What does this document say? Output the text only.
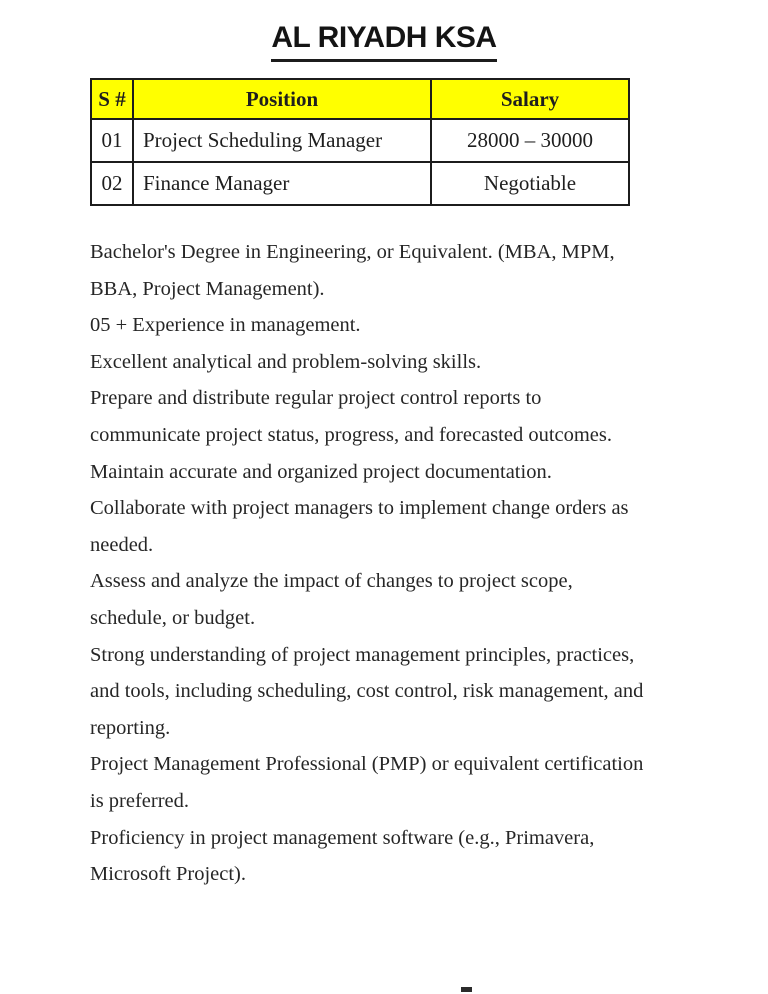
AL RIYADH KSA
S #	Position	Salary
01	Project Scheduling Manager	28000 – 30000
02	Finance Manager	Negotiable

Bachelor's Degree in Engineering, or Equivalent. (MBA, MPM,
BBA, Project Management).

05 + Experience in management.

Excellent analytical and problem-solving skills.

Prepare and distribute regular project control reports to
communicate project status, progress, and forecasted outcomes.

Maintain accurate and organized project documentation.

Collaborate with project managers to implement change orders as
needed.

Assess and analyze the impact of changes to project scope,
schedule, or budget.

Strong understanding of project management principles, practices,
and tools, including scheduling, cost control, risk management, and
reporting.

Project Management Professional (PMP) or equivalent certification
is preferred.

Proficiency in project management software (e.g., Primavera,
Microsoft Project).
